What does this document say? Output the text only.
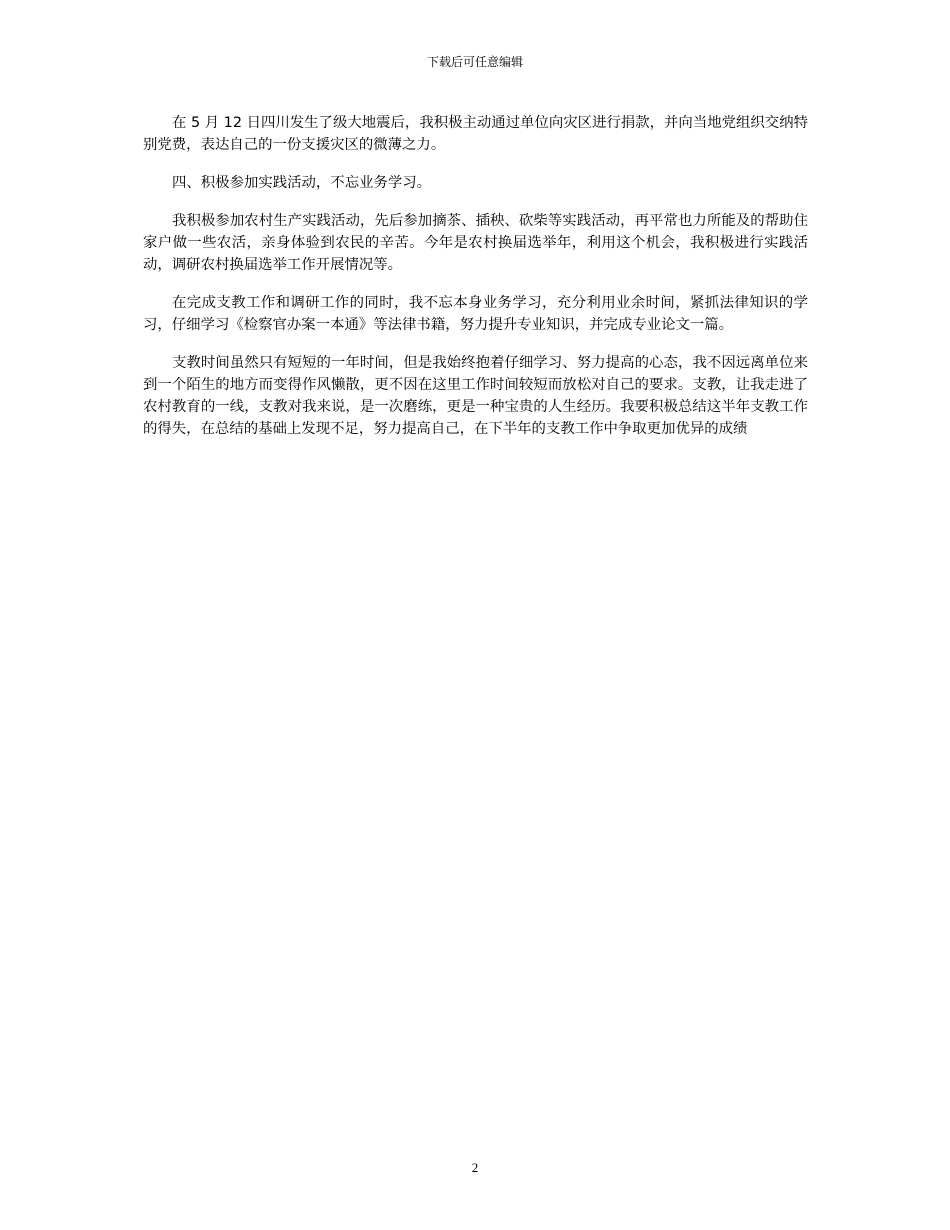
下载后可任意编辑

在 5 月 12 日四川发生了级大地震后，我积极主动通过单位向灾区进行捐款，并向当地党组织交纳特别党费，表达自己的一份支援灾区的微薄之力。

四、积极参加实践活动，不忘业务学习。

我积极参加农村生产实践活动，先后参加摘茶、插秧、砍柴等实践活动，再平常也力所能及的帮助住家户做一些农活，亲身体验到农民的辛苦。今年是农村换届选举年，利用这个机会，我积极进行实践活动，调研农村换届选举工作开展情况等。

在完成支教工作和调研工作的同时，我不忘本身业务学习，充分利用业余时间，紧抓法律知识的学习，仔细学习《检察官办案一本通》等法律书籍，努力提升专业知识，并完成专业论文一篇。

支教时间虽然只有短短的一年时间，但是我始终抱着仔细学习、努力提高的心态，我不因远离单位来到一个陌生的地方而变得作风懒散，更不因在这里工作时间较短而放松对自己的要求。支教，让我走进了农村教育的一线，支教对我来说，是一次磨练，更是一种宝贵的人生经历。我要积极总结这半年支教工作的得失，在总结的基础上发现不足，努力提高自己，在下半年的支教工作中争取更加优异的成绩

2
